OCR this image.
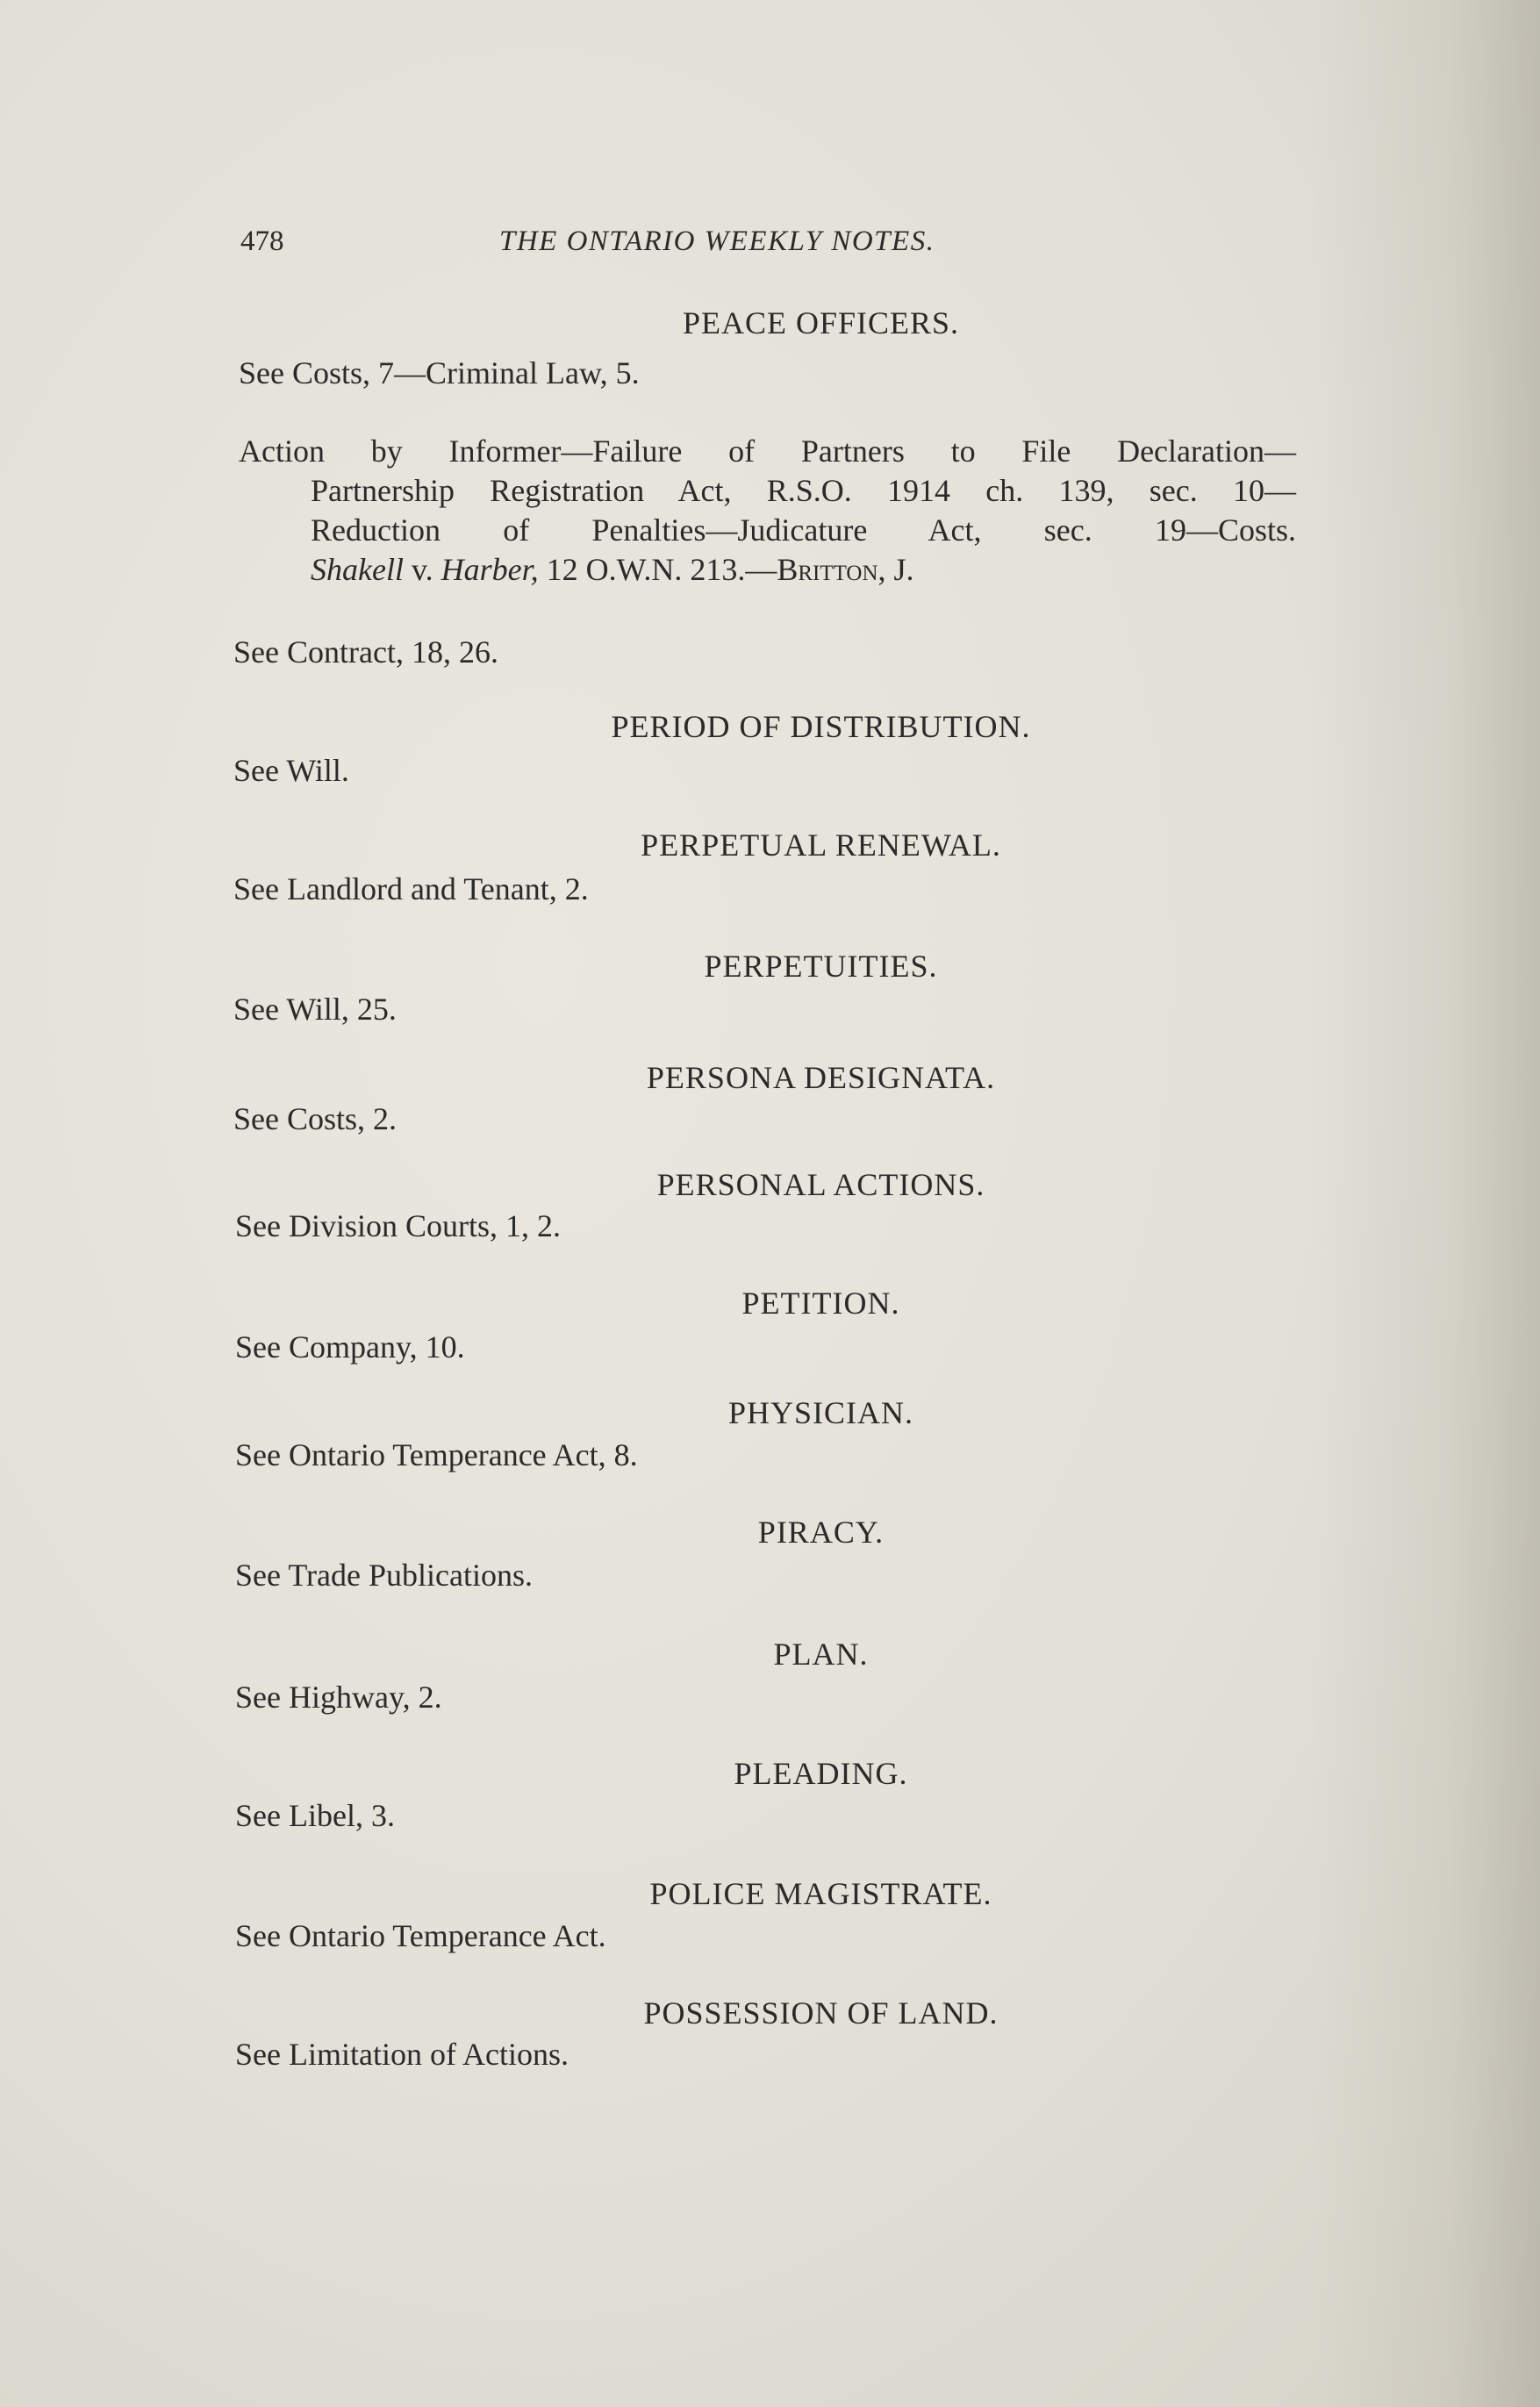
478	THE ONTARIO WEEKLY NOTES.
PEACE OFFICERS.
See Costs, 7—Criminal Law, 5.
Action by Informer—Failure of Partners to File Declaration—
Partnership Registration Act, R.S.O. 1914 ch. 139, sec. 10—
Reduction of Penalties—Judicature Act, sec. 19—Costs.
Shakell v. Harber, 12 O.W.N. 213.—Britton, J.
See Contract, 18, 26.
PERIOD OF DISTRIBUTION.
See Will.
PERPETUAL RENEWAL.
See Landlord and Tenant, 2.
PERPETUITIES.
See Will, 25.
PERSONA DESIGNATA.
See Costs, 2.
PERSONAL ACTIONS.
See Division Courts, 1, 2.
PETITION.
See Company, 10.
PHYSICIAN.
See Ontario Temperance Act, 8.
PIRACY.
See Trade Publications.
PLAN.
See Highway, 2.
PLEADING.
See Libel, 3.
POLICE MAGISTRATE.
See Ontario Temperance Act.
POSSESSION OF LAND.
See Limitation of Actions.
